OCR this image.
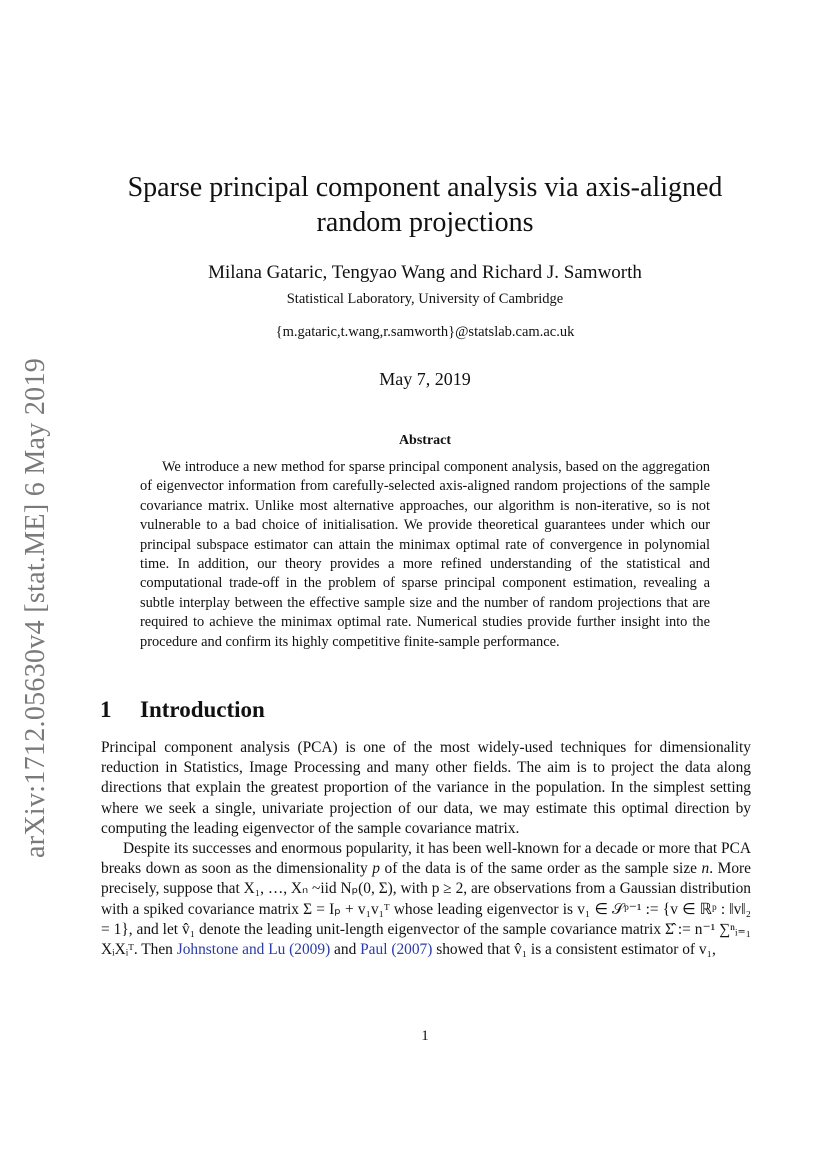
arXiv:1712.05630v4 [stat.ME] 6 May 2019
Sparse principal component analysis via axis-aligned random projections
Milana Gataric, Tengyao Wang and Richard J. Samworth
Statistical Laboratory, University of Cambridge
{m.gataric,t.wang,r.samworth}@statslab.cam.ac.uk
May 7, 2019
Abstract

We introduce a new method for sparse principal component analysis, based on the aggregation of eigenvector information from carefully-selected axis-aligned random projections of the sample covariance matrix. Unlike most alternative approaches, our algorithm is non-iterative, so is not vulnerable to a bad choice of initialisation. We provide theoretical guarantees under which our principal subspace estimator can attain the minimax optimal rate of convergence in polynomial time. In addition, our theory provides a more refined understanding of the statistical and computational trade-off in the problem of sparse principal component estimation, revealing a subtle interplay between the effective sample size and the number of random projections that are required to achieve the minimax optimal rate. Numerical studies provide further insight into the procedure and confirm its highly competitive finite-sample performance.

1 Introduction

Principal component analysis (PCA) is one of the most widely-used techniques for dimensionality reduction in Statistics, Image Processing and many other fields. The aim is to project the data along directions that explain the greatest proportion of the variance in the population. In the simplest setting where we seek a single, univariate projection of our data, we may estimate this optimal direction by computing the leading eigenvector of the sample covariance matrix.

Despite its successes and enormous popularity, it has been well-known for a decade or more that PCA breaks down as soon as the dimensionality p of the data is of the same order as the sample size n. More precisely, suppose that X₁, …, Xₙ ~iid Nₚ(0, Σ), with p ≥ 2, are observations from a Gaussian distribution with a spiked covariance matrix Σ = Iₚ + v₁v₁ᵀ whose leading eigenvector is v₁ ∈ 𝒮ᵖ⁻¹ := {v ∈ ℝᵖ : ‖v‖₂ = 1}, and let v̂₁ denote the leading unit-length eigenvector of the sample covariance matrix Σ̂ := n⁻¹ ∑ⁿᵢ₌₁ XᵢXᵢᵀ. Then Johnstone and Lu (2009) and Paul (2007) showed that v̂₁ is a consistent estimator of v₁,

1
